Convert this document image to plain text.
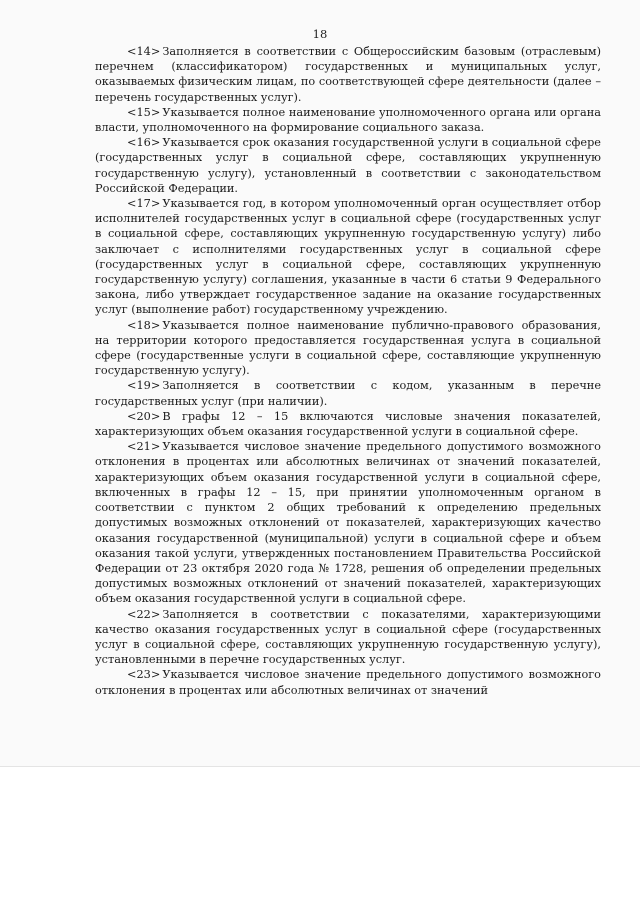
18

<14> Заполняется в соответствии с Общероссийским базовым (отраслевым) перечнем (классификатором) государственных и муниципальных услуг, оказываемых физическим лицам, по соответствующей сфере деятельности (далее – перечень государственных услуг).

<15> Указывается полное наименование уполномоченного органа или органа власти, уполномоченного на формирование социального заказа.

<16> Указывается срок оказания государственной услуги в социальной сфере (государственных услуг в социальной сфере, составляющих укрупненную государственную услугу), установленный в соответствии с законодательством Российской Федерации.

<17> Указывается год, в котором уполномоченный орган осуществляет отбор исполнителей государственных услуг в социальной сфере (государственных услуг в социальной сфере, составляющих укрупненную государственную услугу) либо заключает с исполнителями государственных услуг в социальной сфере (государственных услуг в социальной сфере, составляющих укрупненную государственную услугу) соглашения, указанные в части 6 статьи 9 Федерального закона, либо утверждает государственное задание на оказание государственных услуг (выполнение работ) государственному учреждению.

<18> Указывается полное наименование публично-правового образования, на территории которого предоставляется государственная услуга в социальной сфере (государственные услуги в социальной сфере, составляющие укрупненную государственную услугу).

<19> Заполняется в соответствии с кодом, указанным в перечне государственных услуг (при наличии).

<20> В графы 12 – 15 включаются числовые значения показателей, характеризующих объем оказания государственной услуги в социальной сфере.

<21> Указывается числовое значение предельного допустимого возможного отклонения в процентах или абсолютных величинах от значений показателей, характеризующих объем оказания государственной услуги в социальной сфере, включенных в графы 12 – 15, при принятии уполномоченным органом в соответствии с пунктом 2 общих требований к определению предельных допустимых возможных отклонений от показателей, характеризующих качество оказания государственной (муниципальной) услуги в социальной сфере и объем оказания такой услуги, утвержденных постановлением Правительства Российской Федерации от 23 октября 2020 года № 1728, решения об определении предельных допустимых возможных отклонений от значений показателей, характеризующих объем оказания государственной услуги в социальной сфере.

<22> Заполняется в соответствии с показателями, характеризующими качество оказания государственных услуг в социальной сфере (государственных услуг в социальной сфере, составляющих укрупненную государственную услугу), установленными в перечне государственных услуг.

<23> Указывается числовое значение предельного допустимого возможного отклонения в процентах или абсолютных величинах от значений
